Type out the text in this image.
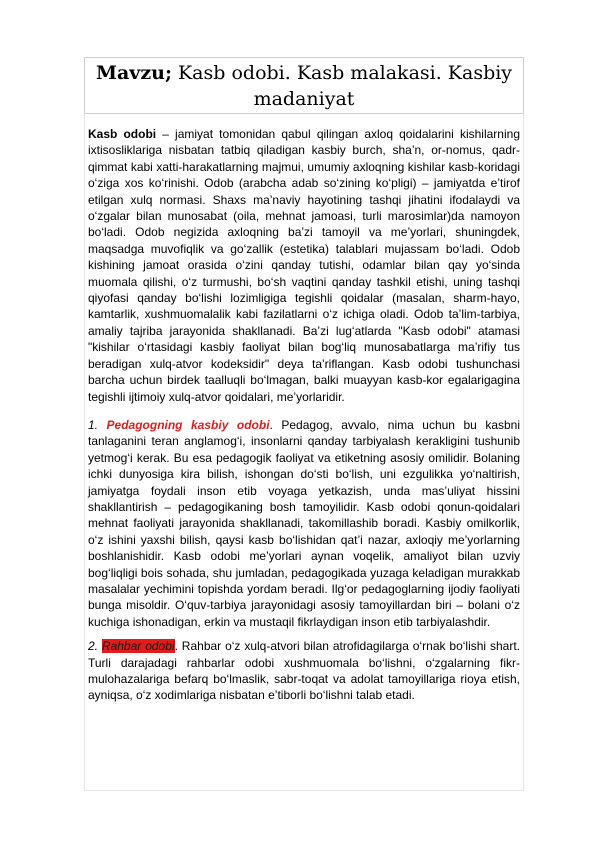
Mavzu; Kasb odobi. Kasb malakasi. Kasbiy madaniyat

Kasb odobi – jamiyat tomonidan qabul qilingan axloq qoidalarini kishilarning ixtisosliklariga nisbatan tatbiq qiladigan kasbiy burch, sha’n, or-nomus, qadr-qimmat kabi xatti-harakatlarning majmui, umumiy axloqning kishilar kasb-koridagi o‘ziga xos ko‘rinishi. Odob (arabcha adab so‘zining ko‘pligi) – jamiyatda e’tirof etilgan xulq normasi. Shaxs ma’naviy hayotining tashqi jihatini ifodalaydi va o‘zgalar bilan munosabat (oila, mehnat jamoasi, turli marosimlar)da namoyon bo‘ladi. Odob negizida axloqning ba’zi tamoyil va me’yorlari, shuningdek, maqsadga muvofiqlik va go‘zallik (estetika) talablari mujassam bo‘ladi. Odob kishining jamoat orasida o‘zini qanday tutishi, odamlar bilan qay yo‘sinda muomala qilishi, o‘z turmushi, bo‘sh vaqtini qanday tashkil etishi, uning tashqi qiyofasi qanday bo‘lishi lozimligiga tegishli qoidalar (masalan, sharm-hayo, kamtarlik, xushmuomalalik kabi fazilatlarni o‘z ichiga oladi. Odob ta’lim-tarbiya, amaliy tajriba jarayonida shakllanadi. Ba’zi lug‘atlarda "Kasb odobi" atamasi "kishilar o‘rtasidagi kasbiy faoliyat bilan bog‘liq munosabatlarga ma’rifiy tus beradigan xulq-atvor kodeksidir" deya ta’riflangan. Kasb odobi tushunchasi barcha uchun birdek taalluqli bo‘lmagan, balki muayyan kasb-kor egalarigagina tegishli ijtimoiy xulq-atvor qoidalari, me’yorlaridir.

1. Pedagogning kasbiy odobi. Pedagog, avvalo, nima uchun bu kasbni tanlaganini teran anglamog‘i, insonlarni qanday tarbiyalash kerakligini tushunib yetmog‘i kerak. Bu esa pedagogik faoliyat va etiketning asosiy omilidir. Bolaning ichki dunyosiga kira bilish, ishongan do‘sti bo‘lish, uni ezgulikka yo‘naltirish, jamiyatga foydali inson etib voyaga yetkazish, unda mas’uliyat hissini shakllantirish – pedagogikaning bosh tamoyilidir. Kasb odobi qonun-qoidalari mehnat faoliyati jarayonida shakllanadi, takomillashib boradi. Kasbiy omilkorlik, o‘z ishini yaxshi bilish, qaysi kasb bo‘lishidan qat’i nazar, axloqiy me’yorlarning boshlanishidir. Kasb odobi me’yorlari aynan voqelik, amaliyot bilan uzviy bog‘liqligi bois sohada, shu jumladan, pedagogikada yuzaga keladigan murakkab masalalar yechimini topishda yordam beradi. Ilg‘or pedagoglarning ijodiy faoliyati bunga misoldir. O‘quv-tarbiya jarayonidagi asosiy tamoyillardan biri – bolani o‘z kuchiga ishonadigan, erkin va mustaqil fikrlaydigan inson etib tarbiyalashdir.

2. Rahbar odobi. Rahbar o‘z xulq-atvori bilan atrofidagilarga o‘rnak bo‘lishi shart. Turli darajadagi rahbarlar odobi xushmuomala bo‘lishni, o‘zgalarning fikr-mulohazalariga befarq bo‘lmaslik, sabr-toqat va adolat tamoyillariga rioya etish, ayniqsa, o‘z xodimlariga nisbatan e’tiborli bo‘lishni talab etadi.
